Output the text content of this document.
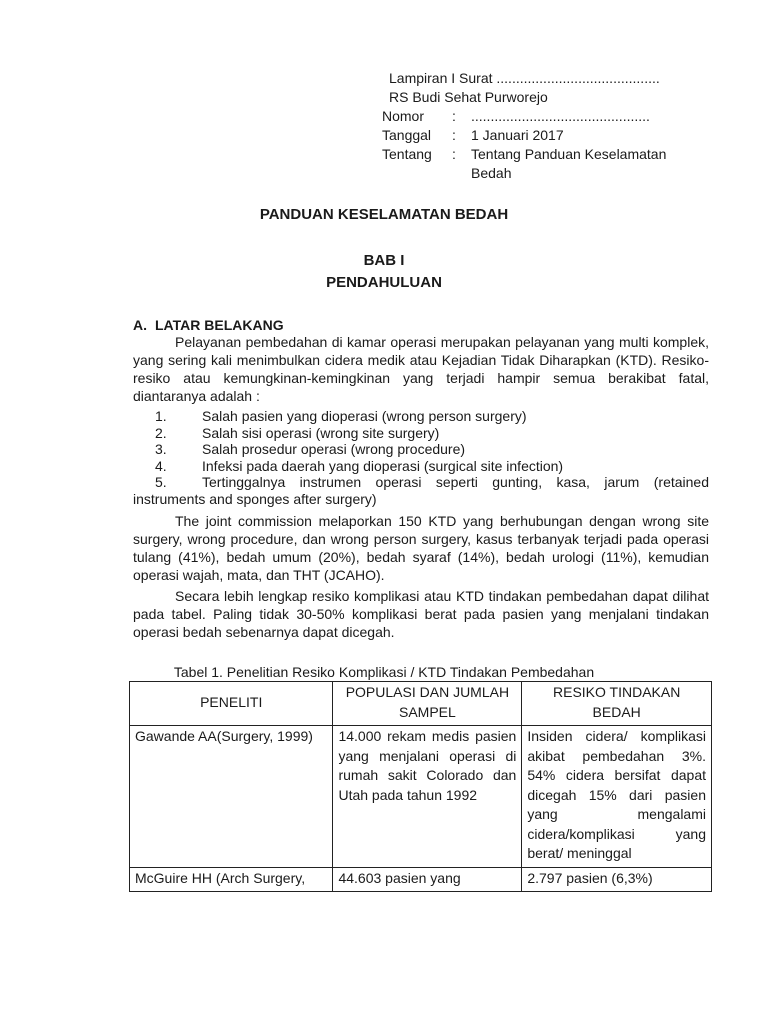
Lampiran I Surat ..........................................
RS Budi Sehat Purworejo
Nomor : ..............................................
Tanggal : 1 Januari 2017
Tentang : Tentang Panduan Keselamatan
Bedah
PANDUAN KESELAMATAN BEDAH
BAB I
PENDAHULUAN
A. LATAR BELAKANG
Pelayanan pembedahan di kamar operasi merupakan pelayanan yang multi komplek, yang sering kali menimbulkan cidera medik atau Kejadian Tidak Diharapkan (KTD). Resiko-resiko atau kemungkinan-kemingkinan yang terjadi hampir semua berakibat fatal, diantaranya adalah :
1.	Salah pasien yang dioperasi (wrong person surgery)
2.	Salah sisi operasi (wrong site surgery)
3.	Salah prosedur operasi (wrong procedure)
4.	Infeksi pada daerah yang dioperasi (surgical site infection)
5.	Tertinggalnya instrumen operasi seperti gunting, kasa, jarum (retained instruments and sponges after surgery)
The joint commission melaporkan 150 KTD yang berhubungan dengan wrong site surgery, wrong procedure, dan wrong person surgery, kasus terbanyak terjadi pada operasi tulang (41%), bedah umum (20%), bedah syaraf (14%), bedah urologi (11%), kemudian operasi wajah, mata, dan THT (JCAHO).
Secara lebih lengkap resiko komplikasi atau KTD tindakan pembedahan dapat dilihat pada tabel. Paling tidak 30-50% komplikasi berat pada pasien yang menjalani tindakan operasi bedah sebenarnya dapat dicegah.
Tabel 1. Penelitian Resiko Komplikasi / KTD Tindakan Pembedahan
PENELITI	POPULASI DAN JUMLAH SAMPEL	RESIKO TINDAKAN BEDAH
Gawande AA(Surgery, 1999)	14.000 rekam medis pasien yang menjalani operasi di rumah sakit Colorado dan Utah pada tahun 1992	Insiden cidera/ komplikasi akibat pembedahan 3%. 54% cidera bersifat dapat dicegah 15% dari pasien yang mengalami cidera/komplikasi yang berat/ meninggal
McGuire HH (Arch Surgery,	44.603 pasien yang	2.797 pasien (6,3%)
